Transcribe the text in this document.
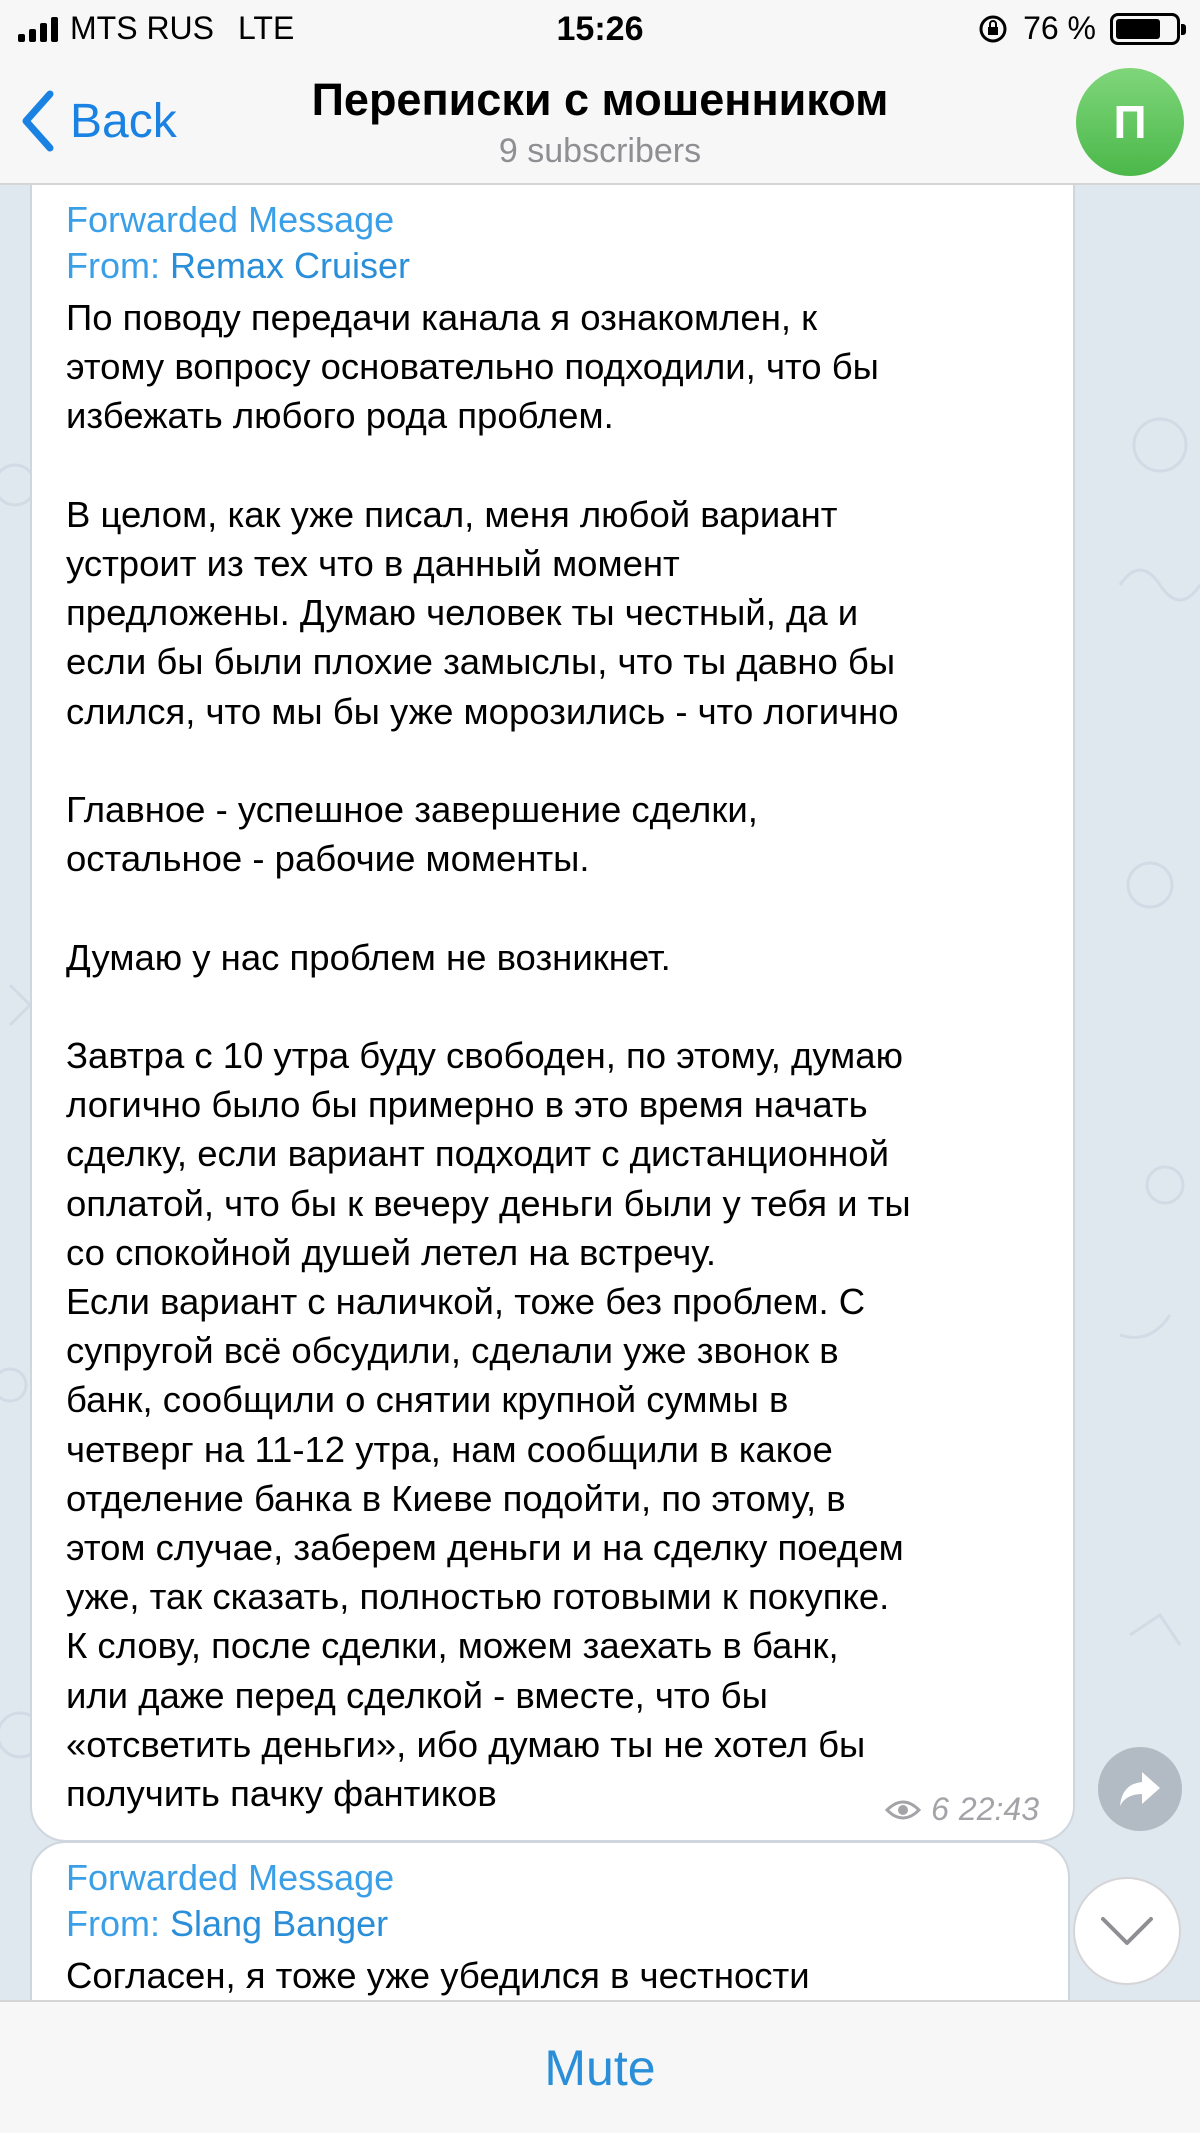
MTS RUS LTE	15:26	76 %
Back	Переписки с мошенником
9 subscribers
П
Forwarded Message
From: Remax Cruiser
По поводу передачи канала я ознакомлен, к
этому вопросу основательно подходили, что бы
избежать любого рода проблем.

В целом, как уже писал, меня любой вариант
устроит из тех что в данный момент
предложены. Думаю человек ты честный, да и
если бы были плохие замыслы, что ты давно бы
слился, что мы бы уже морозились - что логично

Главное - успешное завершение сделки,
остальное - рабочие моменты.

Думаю у нас проблем не возникнет.

Завтра с 10 утра буду свободен, по этому, думаю
логично было бы примерно в это время начать
сделку, если вариант подходит с дистанционной
оплатой, что бы к вечеру деньги были у тебя и ты
со спокойной душей летел на встречу.
Если вариант с наличкой, тоже без проблем. С
супругой всё обсудили, сделали уже звонок в
банк, сообщили о снятии крупной суммы в
четверг на 11-12 утра, нам сообщили в какое
отделение банка в Киеве подойти, по этому, в
этом случае, заберем деньги и на сделку поедем
уже, так сказать, полностью готовыми к покупке.
К слову, после сделки, можем заехать в банк,
или даже перед сделкой - вместе, что бы
«отсветить деньги», ибо думаю ты не хотел бы
получить пачку фантиков	6 22:43
Forwarded Message
From: Slang Banger
Согласен, я тоже уже убедился в честности
Mute
